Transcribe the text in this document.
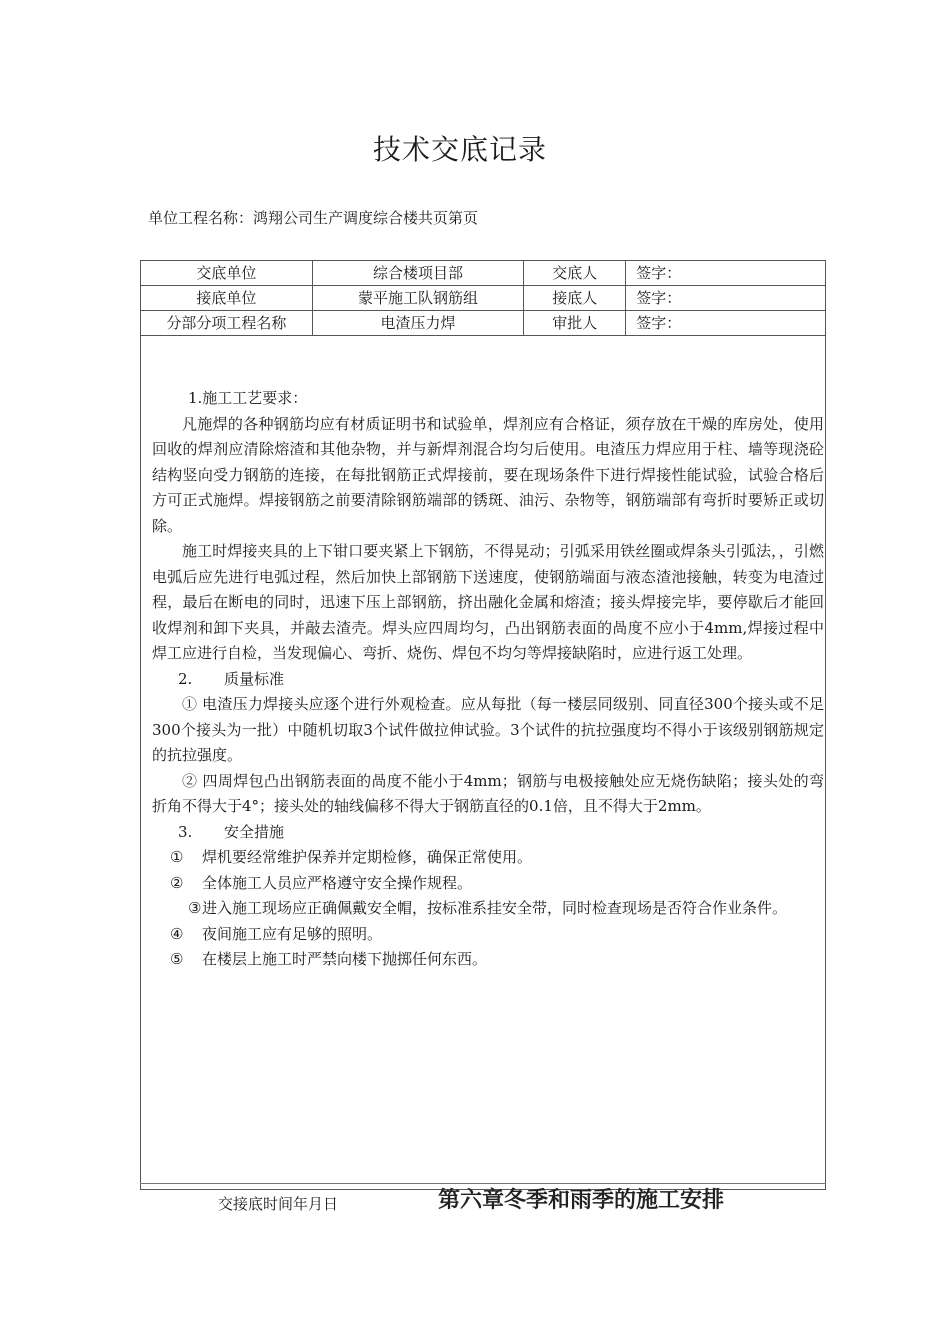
技术交底记录
单位工程名称：鸿翔公司生产调度综合楼共页第页
交底单位	综合楼项目部	交底人	签字：
接底单位	蒙平施工队钢筋组	接底人	签字：
分部分项工程名称	电渣压力焊	审批人	签字：

1.施工工艺要求：

凡施焊的各种钢筋均应有材质证明书和试验单，焊剂应有合格证，须存放在干燥的库房处，使用回收的焊剂应清除熔渣和其他杂物，并与新焊剂混合均匀后使用。电渣压力焊应用于柱、墙等现浇砼结构竖向受力钢筋的连接，在每批钢筋正式焊接前，要在现场条件下进行焊接性能试验，试验合格后方可正式施焊。焊接钢筋之前要清除钢筋端部的锈斑、油污、杂物等，钢筋端部有弯折时要矫正或切除。

施工时焊接夹具的上下钳口要夹紧上下钢筋，不得晃动；引弧采用铁丝圈或焊条头引弧法，，引燃电弧后应先进行电弧过程，然后加快上部钢筋下送速度，使钢筋端面与液态渣池接触，转变为电渣过程，最后在断电的同时，迅速下压上部钢筋，挤出融化金属和熔渣；接头焊接完毕，要停歇后才能回收焊剂和卸下夹具，并敲去渣壳。焊头应四周均匀，凸出钢筋表面的咼度不应小于4mm,焊接过程中焊工应进行自检，当发现偏心、弯折、烧伤、焊包不均匀等焊接缺陷时，应进行返工处理。

2. 质量标准

① 电渣压力焊接头应逐个进行外观检查。应从每批（每一楼层同级别、同直径300个接头或不足300个接头为一批）中随机切取3个试件做拉伸试验。3个试件的抗拉强度均不得小于该级别钢筋规定的抗拉强度。

② 四周焊包凸出钢筋表面的咼度不能小于4mm；钢筋与电极接触处应无烧伤缺陷；接头处的弯折角不得大于4°；接头处的轴线偏移不得大于钢筋直径的0.1倍，且不得大于2mm。

3. 安全措施

① 焊机要经常维护保养并定期检修，确保正常使用。

② 全体施工人员应严格遵守安全操作规程。

③进入施工现场应正确佩戴安全帽，按标准系挂安全带，同时检查现场是否符合作业条件。

④ 夜间施工应有足够的照明。

⑤ 在楼层上施工时严禁向楼下抛掷任何东西。

交接底时间年月日	第六章冬季和雨季的施工安排
